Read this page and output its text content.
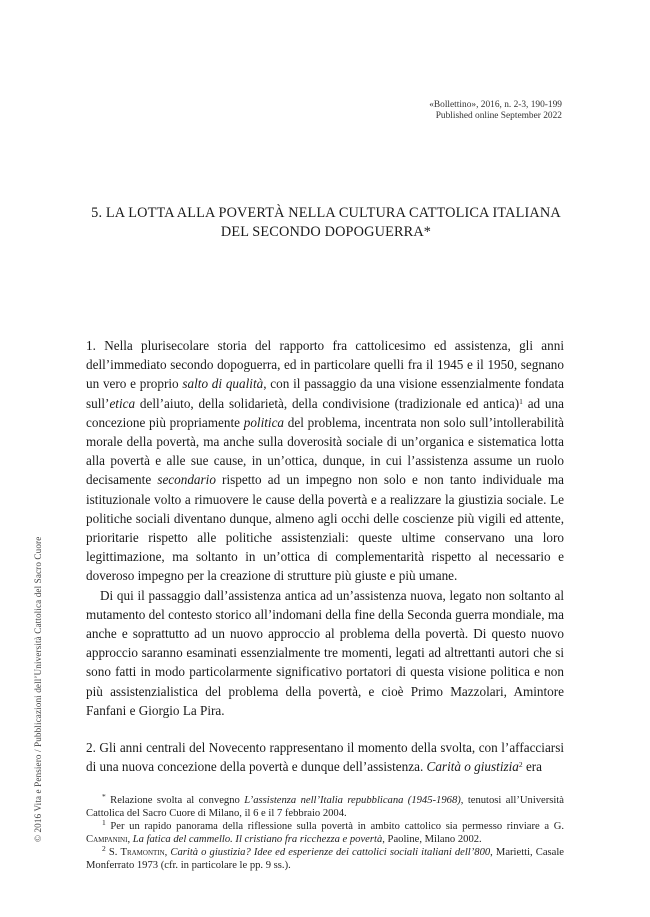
«Bollettino», 2016, n. 2-3, 190-199
Published online September 2022
5. LA LOTTA ALLA POVERTÀ NELLA CULTURA CATTOLICA ITALIANA
DEL SECONDO DOPOGUERRA*

1. Nella plurisecolare storia del rapporto fra cattolicesimo ed assistenza, gli anni dell’immediato secondo dopoguerra, ed in particolare quelli fra il 1945 e il 1950, segnano un vero e proprio salto di qualità, con il passaggio da una visione essenzialmente fondata sull’etica dell’aiuto, della solidarietà, della condivisione (tradizionale ed antica)$^1$ ad una concezione più propriamente politica del problema, incentrata non solo sull’intollerabilità morale della povertà, ma anche sulla doverosità sociale di un’organica e sistematica lotta alla povertà e alle sue cause, in un’ottica, dunque, in cui l’assistenza assume un ruolo decisamente secondario rispetto ad un impegno non solo e non tanto individuale ma istituzionale volto a rimuovere le cause della povertà e a realizzare la giustizia sociale. Le politiche sociali diventano dunque, almeno agli occhi delle coscienze più vigili ed attente, prioritarie rispetto alle politiche assistenziali: queste ultime conservano una loro legittimazione, ma soltanto in un’ottica di complementarità rispetto al necessario e doveroso impegno per la creazione di strutture più giuste e più umane.

Di qui il passaggio dall’assistenza antica ad un’assistenza nuova, legato non soltanto al mutamento del contesto storico all’indomani della fine della Seconda guerra mondiale, ma anche e soprattutto ad un nuovo approccio al problema della povertà. Di questo nuovo approccio saranno esaminati essenzialmente tre momenti, legati ad altrettanti autori che si sono fatti in modo particolarmente significativo portatori di questa visione politica e non più assistenzialistica del problema della povertà, e cioè Primo Mazzolari, Amintore Fanfani e Giorgio La Pira.

2. Gli anni centrali del Novecento rappresentano il momento della svolta, con l’affacciarsi di una nuova concezione della povertà e dunque dell’assistenza. Carità o giustizia$^2$ era

* Relazione svolta al convegno L’assistenza nell’Italia repubblicana (1945-1968), tenutosi all’Università Cattolica del Sacro Cuore di Milano, il 6 e il 7 febbraio 2004.

$^1$ Per un rapido panorama della riflessione sulla povertà in ambito cattolico sia permesso rinviare a G. Campanini, La fatica del cammello. Il cristiano fra ricchezza e povertà, Paoline, Milano 2002.

$^2$ S. Tramontin, Carità o giustizia? Idee ed esperienze dei cattolici sociali italiani dell’800, Marietti, Casale Monferrato 1973 (cfr. in particolare le pp. 9 ss.).

© 2016 Vita e Pensiero / Pubblicazioni dell’Università Cattolica del Sacro Cuore
